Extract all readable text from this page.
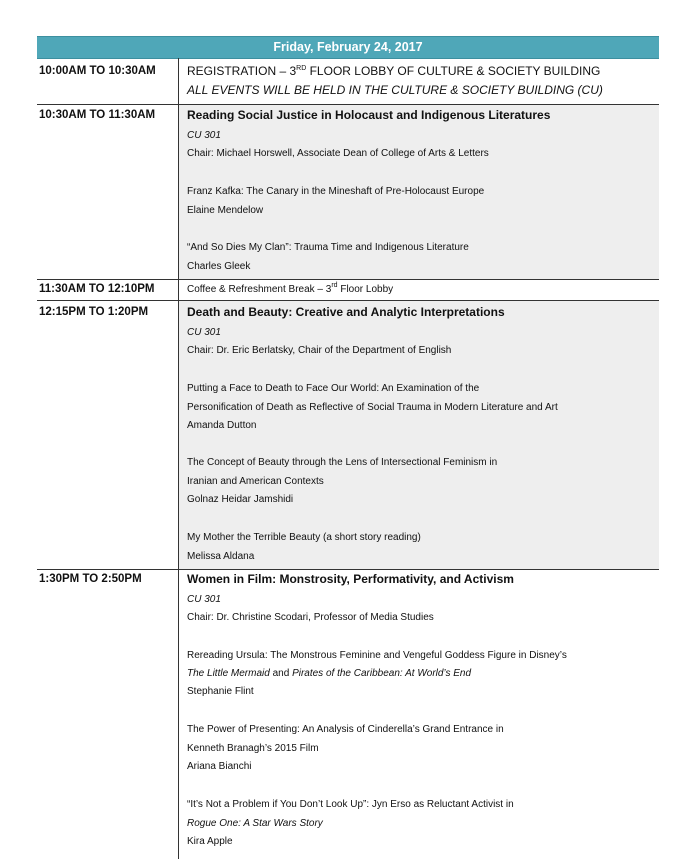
Friday, February 24, 2017
10:00AM TO 10:30AM	REGISTRATION – 3RD FLOOR LOBBY OF CULTURE & SOCIETY BUILDING
ALL EVENTS WILL BE HELD IN THE CULTURE & SOCIETY BUILDING (CU)
10:30AM TO 11:30AM	Reading Social Justice in Holocaust and Indigenous Literatures
CU 301
Chair: Michael Horswell, Associate Dean of College of Arts & Letters
Franz Kafka: The Canary in the Mineshaft of Pre-Holocaust Europe
Elaine Mendelow
“And So Dies My Clan”: Trauma Time and Indigenous Literature
Charles Gleek
11:30AM TO 12:10PM	Coffee & Refreshment Break – 3rd Floor Lobby
12:15PM TO 1:20PM	Death and Beauty: Creative and Analytic Interpretations
CU 301
Chair: Dr. Eric Berlatsky, Chair of the Department of English
Putting a Face to Death to Face Our World: An Examination of the
Personification of Death as Reflective of Social Trauma in Modern Literature and Art
Amanda Dutton
The Concept of Beauty through the Lens of Intersectional Feminism in
Iranian and American Contexts
Golnaz Heidar Jamshidi
My Mother the Terrible Beauty (a short story reading)
Melissa Aldana
1:30PM TO 2:50PM	Women in Film: Monstrosity, Performativity, and Activism
CU 301
Chair: Dr. Christine Scodari, Professor of Media Studies
Rereading Ursula: The Monstrous Feminine and Vengeful Goddess Figure in Disney’s
The Little Mermaid and Pirates of the Caribbean: At World’s End
Stephanie Flint
The Power of Presenting: An Analysis of Cinderella’s Grand Entrance in
Kenneth Branagh’s 2015 Film
Ariana Bianchi
“It’s Not a Problem if You Don’t Look Up”: Jyn Erso as Reluctant Activist in
Rogue One: A Star Wars Story
Kira Apple
